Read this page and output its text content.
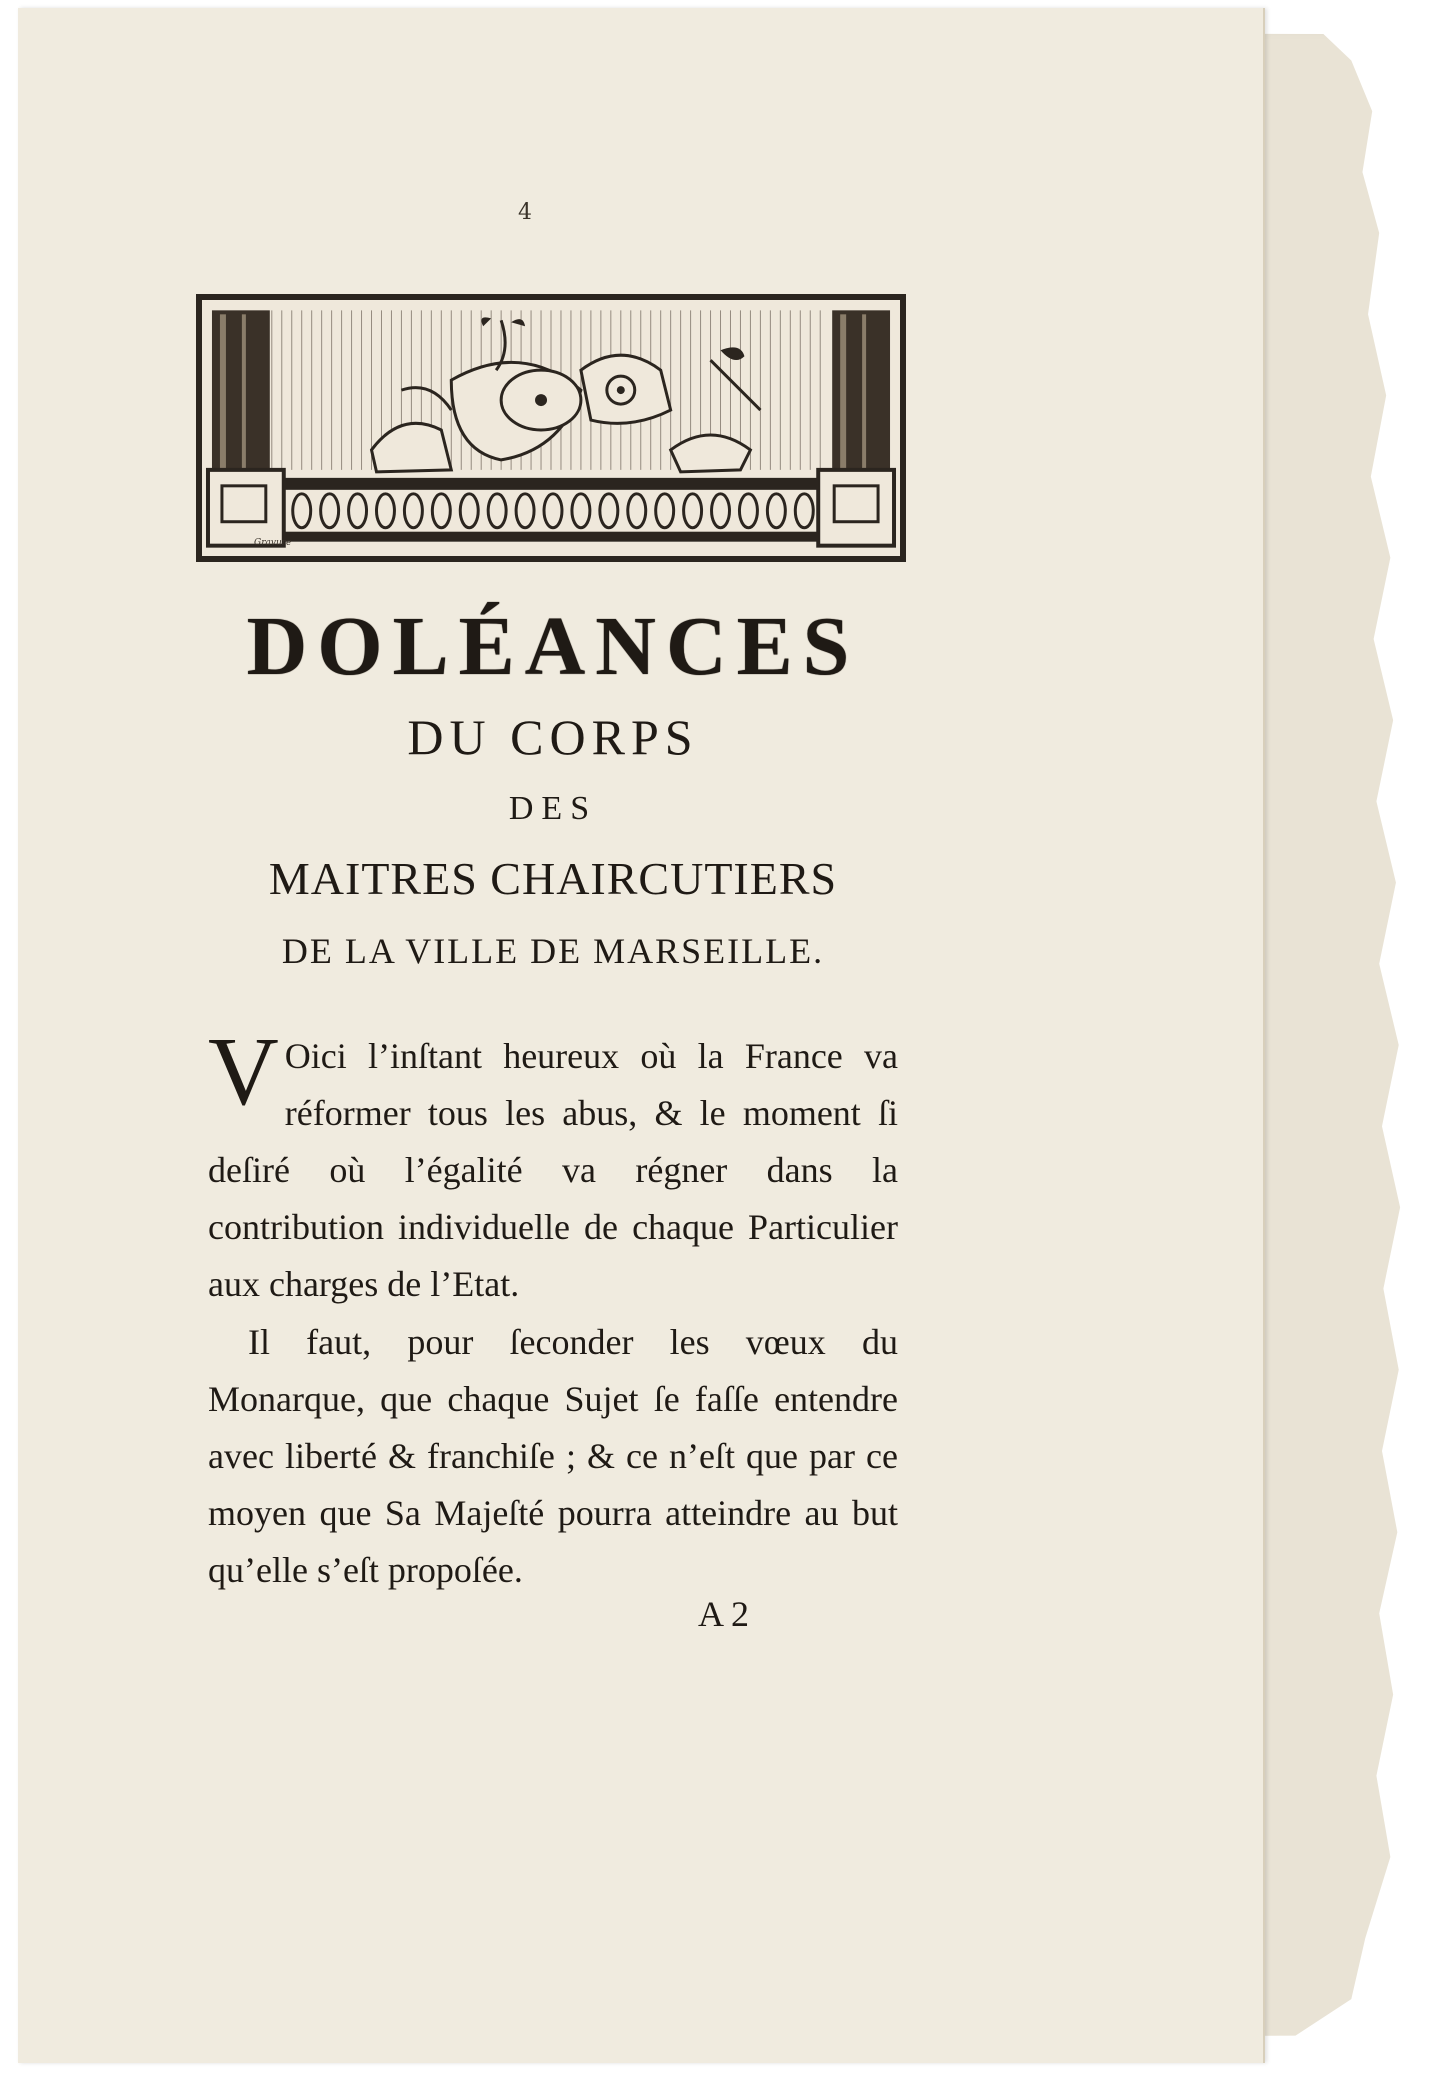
4
Gravure
DOLÉANCES

DU CORPS

DES

MAITRES CHAIRCUTIERS

DE LA VILLE DE MARSEILLE.

V Oici l’inſtant heureux où la France va réformer tous les abus, & le moment ſi deſiré où l’égalité va régner dans la contribution individuelle de chaque Particulier aux charges de l’Etat.

Il faut, pour ſeconder les vœux du Monarque, que chaque Sujet ſe faſſe entendre avec liberté & franchiſe ; & ce n’eſt que par ce moyen que Sa Majeſté pourra atteindre au but qu’elle s’eſt propoſée.

A 2
